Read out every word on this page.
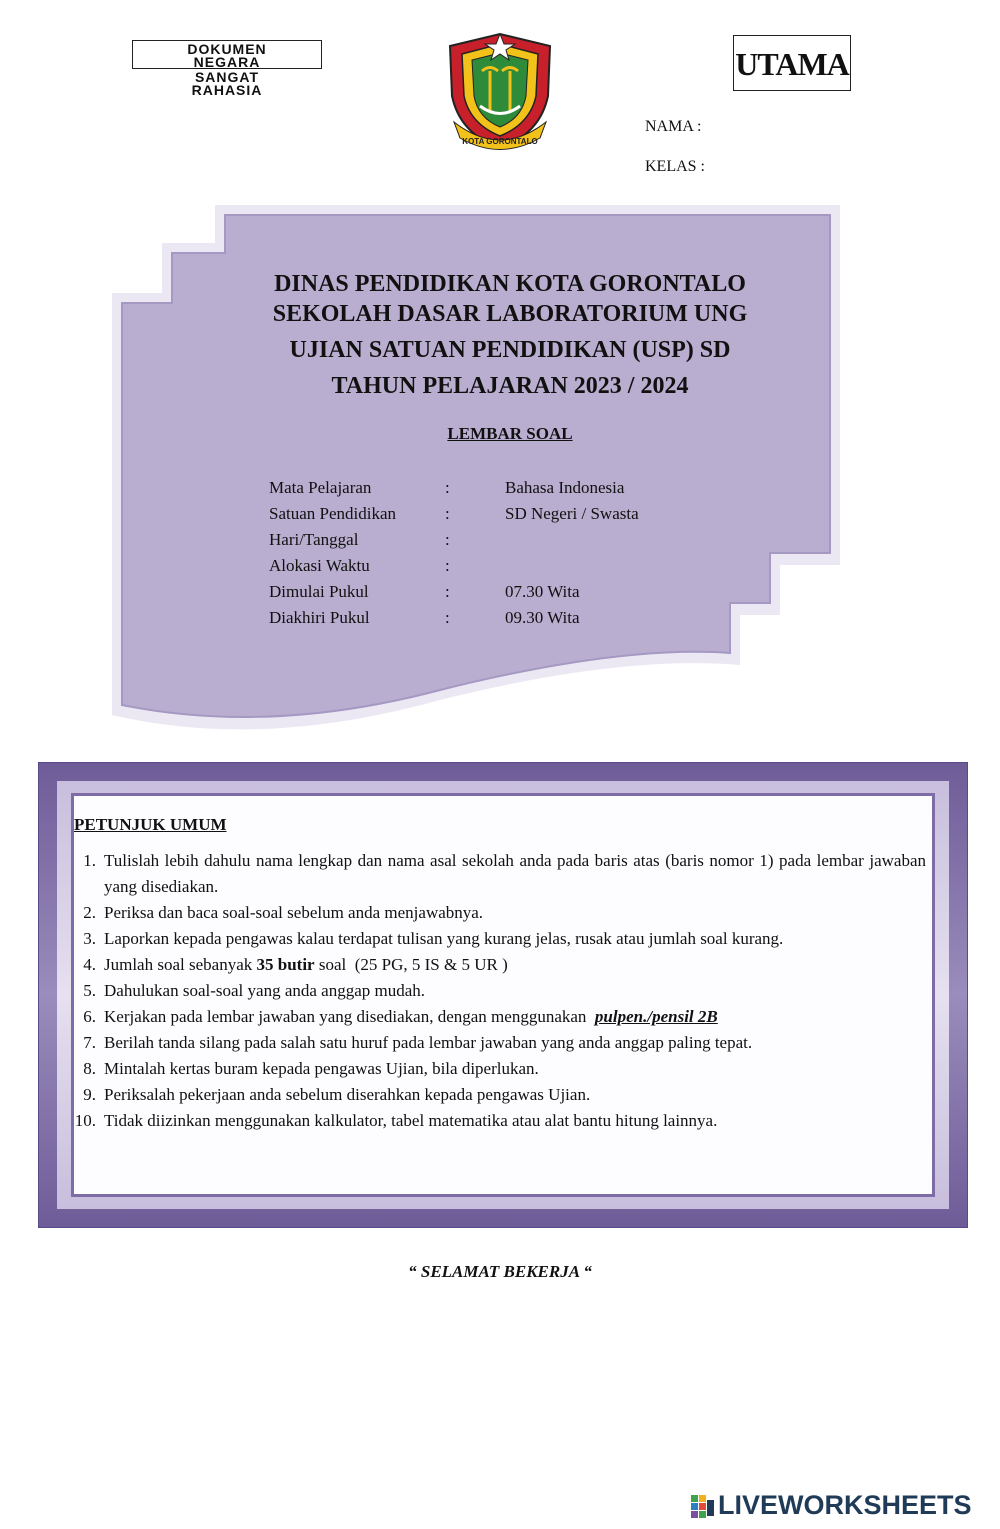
DOKUMEN
NEGARA
SANGAT
RAHASIA
KOTA GORONTALO
UTAMA
NAMA :
KELAS :
DINAS PENDIDIKAN KOTA GORONTALO
SEKOLAH DASAR LABORATORIUM UNG
UJIAN SATUAN PENDIDIKAN (USP) SD
TAHUN PELAJARAN 2023 / 2024
LEMBAR SOAL
Mata Pelajaran	:	Bahasa Indonesia
Satuan Pendidikan	:	SD Negeri / Swasta
Hari/Tanggal	:
Alokasi Waktu	:
Dimulai Pukul	:	07.30 Wita
Diakhiri Pukul	:	09.30 Wita
PETUNJUK UMUM
1. Tulislah lebih dahulu nama lengkap dan nama asal sekolah anda pada baris atas (baris nomor 1) pada lembar jawaban yang disediakan.
2. Periksa dan baca soal-soal sebelum anda menjawabnya.
3. Laporkan kepada pengawas kalau terdapat tulisan yang kurang jelas, rusak atau jumlah soal kurang.
4. Jumlah soal sebanyak 35 butir soal  (25 PG, 5 IS & 5 UR )
5. Dahulukan soal-soal yang anda anggap mudah.
6. Kerjakan pada lembar jawaban yang disediakan, dengan menggunakan  pulpen./pensil 2B
7. Berilah tanda silang pada salah satu huruf pada lembar jawaban yang anda anggap paling tepat.
8. Mintalah kertas buram kepada pengawas Ujian, bila diperlukan.
9. Periksalah pekerjaan anda sebelum diserahkan kepada pengawas Ujian.
10. Tidak diizinkan menggunakan kalkulator, tabel matematika atau alat bantu hitung lainnya.
“ SELAMAT BEKERJA “
LIVEWORKSHEETS
